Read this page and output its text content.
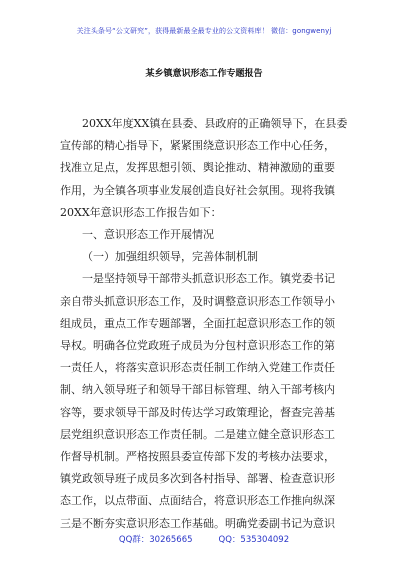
关注头条号“公文研究”，获得最新最全最专业的公文资料库！ 微信：gongwenyj
某乡镇意识形态工作专题报告
20XX年度XX镇在县委、县政府的正确领导下，在县委
宣传部的精心指导下，紧紧围绕意识形态工作中心任务，
找准立足点，发挥思想引领、舆论推动、精神激励的重要
作用，为全镇各项事业发展创造良好社会氛围。现将我镇
20XX年意识形态工作报告如下：
一、意识形态工作开展情况
（一）加强组织领导，完善体制机制
一是坚持领导干部带头抓意识形态工作。镇党委书记
亲自带头抓意识形态工作，及时调整意识形态工作领导小
组成员，重点工作专题部署，全面扛起意识形态工作的领
导权。明确各位党政班子成员为分包村意识形态工作的第
一责任人，将落实意识形态责任制工作纳入党建工作责任
制、纳入领导班子和领导干部目标管理、纳入干部考核内
容等，要求领导干部及时传达学习政策理论，督查完善基
层党组织意识形态工作责任制。二是建立健全意识形态工
作督导机制。严格按照县委宣传部下发的考核办法要求，
镇党政领导班子成员多次到各村指导、部署、检查意识形
态工作，以点带面、点面结合，将意识形态工作推向纵深
三是不断夯实意识形态工作基础。明确党委副书记为意识
QQ群：30265665	QQ：535304092
